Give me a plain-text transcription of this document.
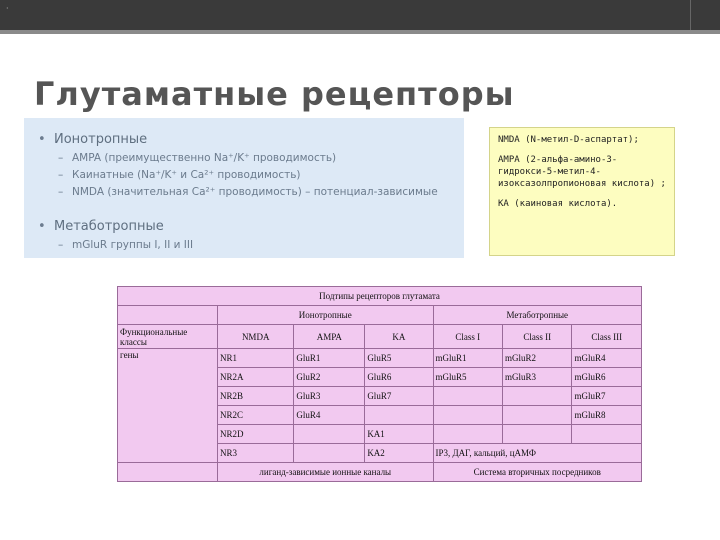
·
Глутаматные рецепторы
• Ионотропные
– AMPA (преимущественно Na⁺/K⁺ проводимость)
– Каинатные (Na⁺/K⁺ и Ca²⁺ проводимость)
– NMDA (значительная Ca²⁺ проводимость) – потенциал-зависимые
• Метаботропные
– mGluR группы I, II и III

NMDA (N-метил-D-аспартат);

AMPA (2-альфа-амино-3-гидрокси-5-метил-4-изоксазолпропионовая кислота) ;

KA (каиновая кислота).

Подтипы рецепторов глутамата						
	Ионотропные			Метаботропные		
Функциональные классы	NMDA	AMPA	KA	Class I	Class II	Class III
гены	NR1	GluR1	GluR5	mGluR1	mGluR2	mGluR4
	NR2A	GluR2	GluR6	mGluR5	mGluR3	mGluR6
	NR2B	GluR3	GluR7			mGluR7
	NR2C	GluR4				mGluR8
	NR2D		KA1			
	NR3		KA2	IP3, ДАГ, кальций, цАМФ		
	лиганд-зависимые ионные каналы			Система вторичных посредников		
